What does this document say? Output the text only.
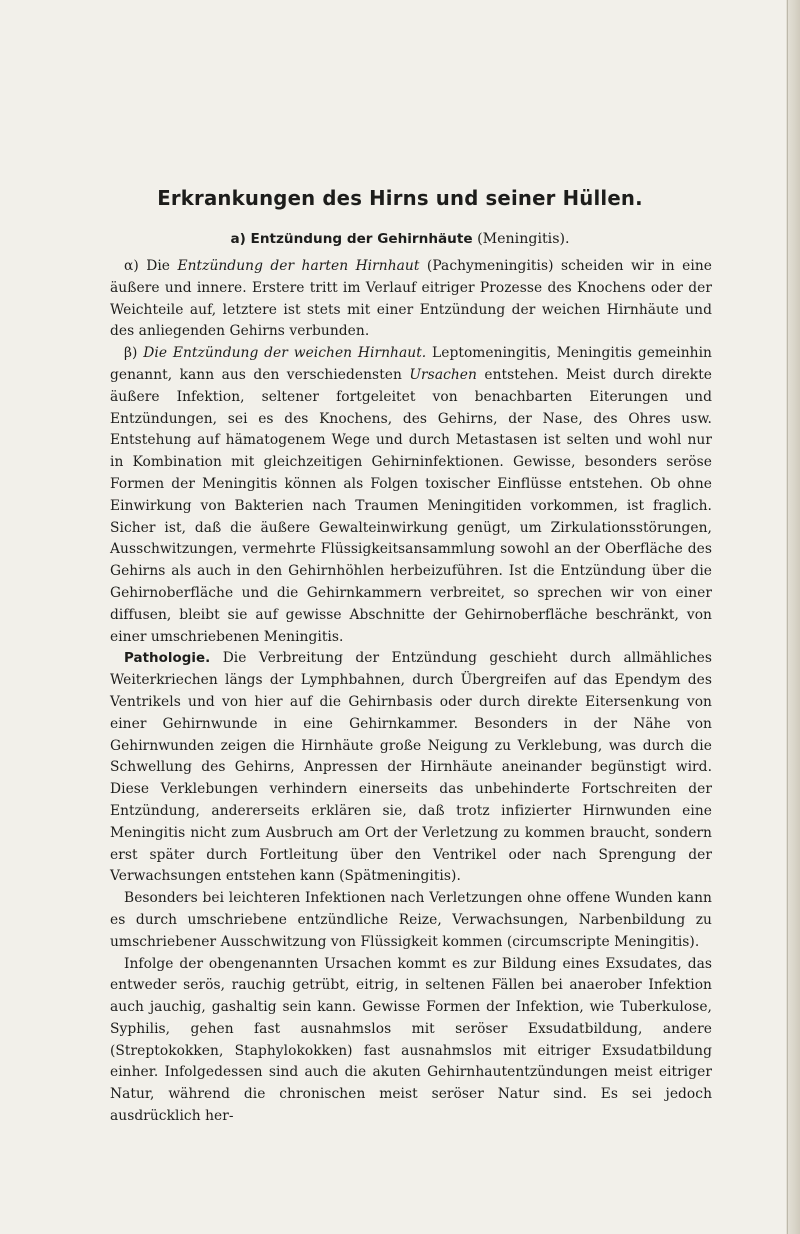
Erkrankungen des Hirns und seiner Hüllen.
a) Entzündung der Gehirnhäute (Meningitis).

α) Die Entzündung der harten Hirnhaut (Pachymeningitis) scheiden wir in eine äußere und innere. Erstere tritt im Verlauf eitriger Prozesse des Knochens oder der Weichteile auf, letztere ist stets mit einer Entzündung der weichen Hirnhäute und des anliegenden Gehirns verbunden.

β) Die Entzündung der weichen Hirnhaut. Leptomeningitis, Meningitis gemeinhin genannt, kann aus den verschiedensten Ursachen entstehen. Meist durch direkte äußere Infektion, seltener fortgeleitet von benachbarten Eiterungen und Entzündungen, sei es des Knochens, des Gehirns, der Nase, des Ohres usw. Entstehung auf hämatogenem Wege und durch Metastasen ist selten und wohl nur in Kombination mit gleichzeitigen Gehirninfektionen. Gewisse, besonders seröse Formen der Meningitis können als Folgen toxischer Einflüsse entstehen. Ob ohne Einwirkung von Bakterien nach Traumen Meningitiden vorkommen, ist fraglich. Sicher ist, daß die äußere Gewalteinwirkung genügt, um Zirkulationsstörungen, Ausschwitzungen, vermehrte Flüssigkeitsansammlung sowohl an der Oberfläche des Gehirns als auch in den Gehirnhöhlen herbeizuführen. Ist die Entzündung über die Gehirnoberfläche und die Gehirnkammern verbreitet, so sprechen wir von einer diffusen, bleibt sie auf gewisse Abschnitte der Gehirnoberfläche beschränkt, von einer umschriebenen Meningitis.

Pathologie. Die Verbreitung der Entzündung geschieht durch allmähliches Weiterkriechen längs der Lymphbahnen, durch Übergreifen auf das Ependym des Ventrikels und von hier auf die Gehirnbasis oder durch direkte Eitersenkung von einer Gehirnwunde in eine Gehirnkammer. Besonders in der Nähe von Gehirnwunden zeigen die Hirnhäute große Neigung zu Verklebung, was durch die Schwellung des Gehirns, Anpressen der Hirnhäute aneinander begünstigt wird. Diese Verklebungen verhindern einerseits das unbehinderte Fortschreiten der Entzündung, andererseits erklären sie, daß trotz infizierter Hirnwunden eine Meningitis nicht zum Ausbruch am Ort der Verletzung zu kommen braucht, sondern erst später durch Fortleitung über den Ventrikel oder nach Sprengung der Verwachsungen entstehen kann (Spätmeningitis).

Besonders bei leichteren Infektionen nach Verletzungen ohne offene Wunden kann es durch umschriebene entzündliche Reize, Verwachsungen, Narbenbildung zu umschriebener Ausschwitzung von Flüssigkeit kommen (circumscripte Meningitis).

Infolge der obengenannten Ursachen kommt es zur Bildung eines Exsudates, das entweder serös, rauchig getrübt, eitrig, in seltenen Fällen bei anaerober Infektion auch jauchig, gashaltig sein kann. Gewisse Formen der Infektion, wie Tuberkulose, Syphilis, gehen fast ausnahmslos mit seröser Exsudatbildung, andere (Streptokokken, Staphylokokken) fast ausnahmslos mit eitriger Exsudatbildung einher. Infolgedessen sind auch die akuten Gehirnhautentzündungen meist eitriger Natur, während die chronischen meist seröser Natur sind. Es sei jedoch ausdrücklich her-
